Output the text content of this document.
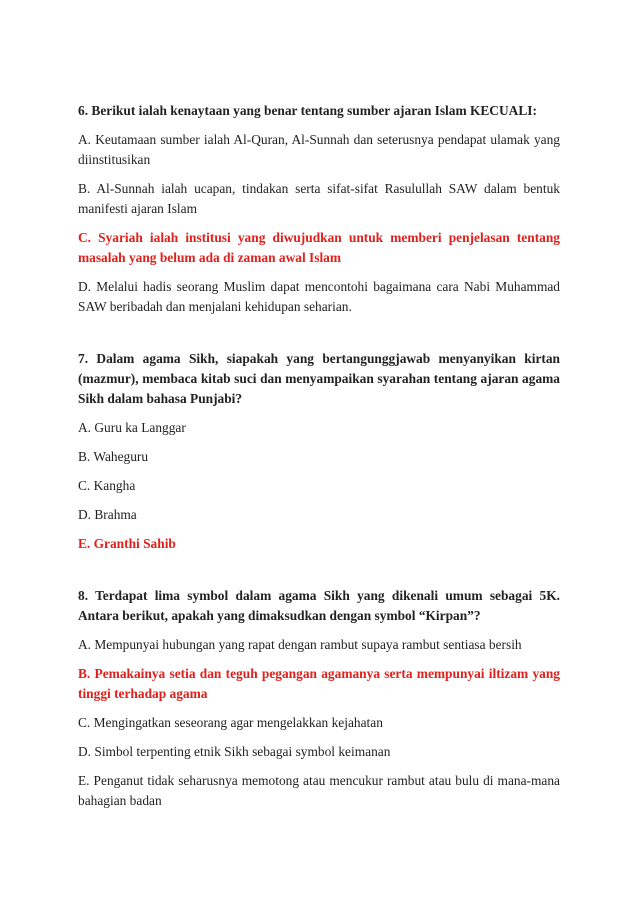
6. Berikut ialah kenaytaan yang benar tentang sumber ajaran Islam KECUALI:

A. Keutamaan sumber ialah Al-Quran, Al-Sunnah dan seterusnya pendapat ulamak yang diinstitusikan
B. Al-Sunnah ialah ucapan, tindakan serta sifat-sifat Rasulullah SAW dalam bentuk manifesti ajaran Islam
C. Syariah ialah institusi yang diwujudkan untuk memberi penjelasan tentang masalah yang belum ada di zaman awal Islam
D. Melalui hadis seorang Muslim dapat mencontohi bagaimana cara Nabi Muhammad SAW beribadah dan menjalani kehidupan seharian.

7. Dalam agama Sikh, siapakah yang bertangunggjawab menyanyikan kirtan (mazmur), membaca kitab suci dan menyampaikan syarahan tentang ajaran agama Sikh dalam bahasa Punjabi?

A. Guru ka Langgar
B. Waheguru
C. Kangha
D. Brahma
E. Granthi Sahib

8. Terdapat lima symbol dalam agama Sikh yang dikenali umum sebagai 5K. Antara berikut, apakah yang dimaksudkan dengan symbol “Kirpan”?

A. Mempunyai hubungan yang rapat dengan rambut supaya rambut sentiasa bersih
B. Pemakainya setia dan teguh pegangan agamanya serta mempunyai iltizam yang tinggi terhadap agama
C. Mengingatkan seseorang agar mengelakkan kejahatan
D. Simbol terpenting etnik Sikh sebagai symbol keimanan
E. Penganut tidak seharusnya memotong atau mencukur rambut atau bulu di mana-mana bahagian badan
